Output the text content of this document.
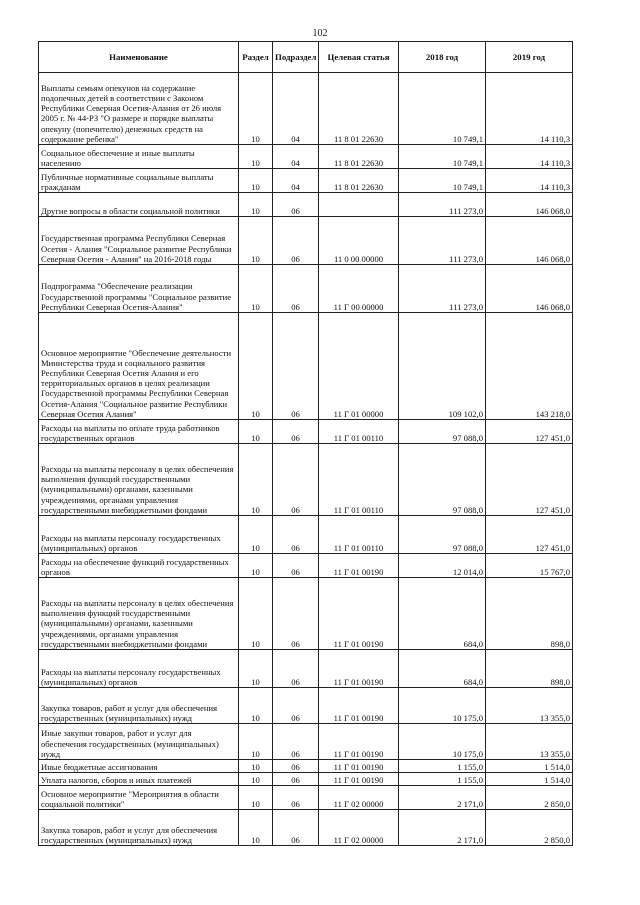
102
Наименование	Раздел	Подраздел	Целевая статья	2018 год	2019 год
Выплаты семьям опекунов на содержание подопечных детей в соответствии с Законом Республики Северная Осетия-Алания от 26 июля 2005 г. № 44-РЗ "О размере и порядке выплаты опекуну (попечителю) денежных средств на содержание ребенка"	10	04	11 8 01 22630	10 749,1	14 110,3
Социальное обеспечение и иные выплаты населению	10	04	11 8 01 22630	10 749,1	14 110,3
Публичные нормативные социальные выплаты гражданам	10	04	11 8 01 22630	10 749,1	14 110,3
Другие вопросы в области социальной политики	10	06		111 273,0	146 068,0
Государственная программа Республики Северная Осетия - Алания "Социальное развитие Республики Северная Осетия - Алания" на 2016-2018 годы	10	06	11 0 00 00000	111 273,0	146 068,0
Подпрограмма "Обеспечение реализации Государственной программы "Социальное развитие Республики Северная Осетия-Алания"	10	06	11 Г 00 00000	111 273,0	146 068,0
Основное мероприятие "Обеспечение деятельности Министерства труда и социального развития Республики Северная Осетия Алания и его территориальных органов в целях реализации Государственной программы Республики Северная Осетия-Алания "Социальное развитие Республики Северная Осетия Алания"	10	06	11 Г 01 00000	109 102,0	143 218,0
Расходы на выплаты по оплате труда работников государственных органов	10	06	11 Г 01 00110	97 088,0	127 451,0
Расходы на выплаты персоналу в целях обеспечения выполнения функций государственными (муниципальными) органами, казенными учреждениями, органами управления государственными внебюджетными фондами	10	06	11 Г 01 00110	97 088,0	127 451,0
Расходы на выплаты персоналу государственных (муниципальных) органов	10	06	11 Г 01 00110	97 088,0	127 451,0
Расходы на обеспечение функций государственных органов	10	06	11 Г 01 00190	12 014,0	15 767,0
Расходы на выплаты персоналу в целях обеспечения выполнения функций государственными (муниципальными) органами, казенными учреждениями, органами управления государственными внебюджетными фондами	10	06	11 Г 01 00190	684,0	898,0
Расходы на выплаты персоналу государственных (муниципальных) органов	10	06	11 Г 01 00190	684,0	898,0
Закупка товаров, работ и услуг для обеспечения государственных (муниципальных) нужд	10	06	11 Г 01 00190	10 175,0	13 355,0
Иные закупки товаров, работ и услуг для обеспечения государственных (муниципальных) нужд	10	06	11 Г 01 00190	10 175,0	13 355,0
Иные бюджетные ассигнования	10	06	11 Г 01 00190	1 155,0	1 514,0
Уплата налогов, сборов и иных платежей	10	06	11 Г 01 00190	1 155,0	1 514,0
Основное мероприятие "Мероприятия в области социальной политики"	10	06	11 Г 02 00000	2 171,0	2 850,0
Закупка товаров, работ и услуг для обеспечения государственных (муниципальных) нужд	10	06	11 Г 02 00000	2 171,0	2 850,0
